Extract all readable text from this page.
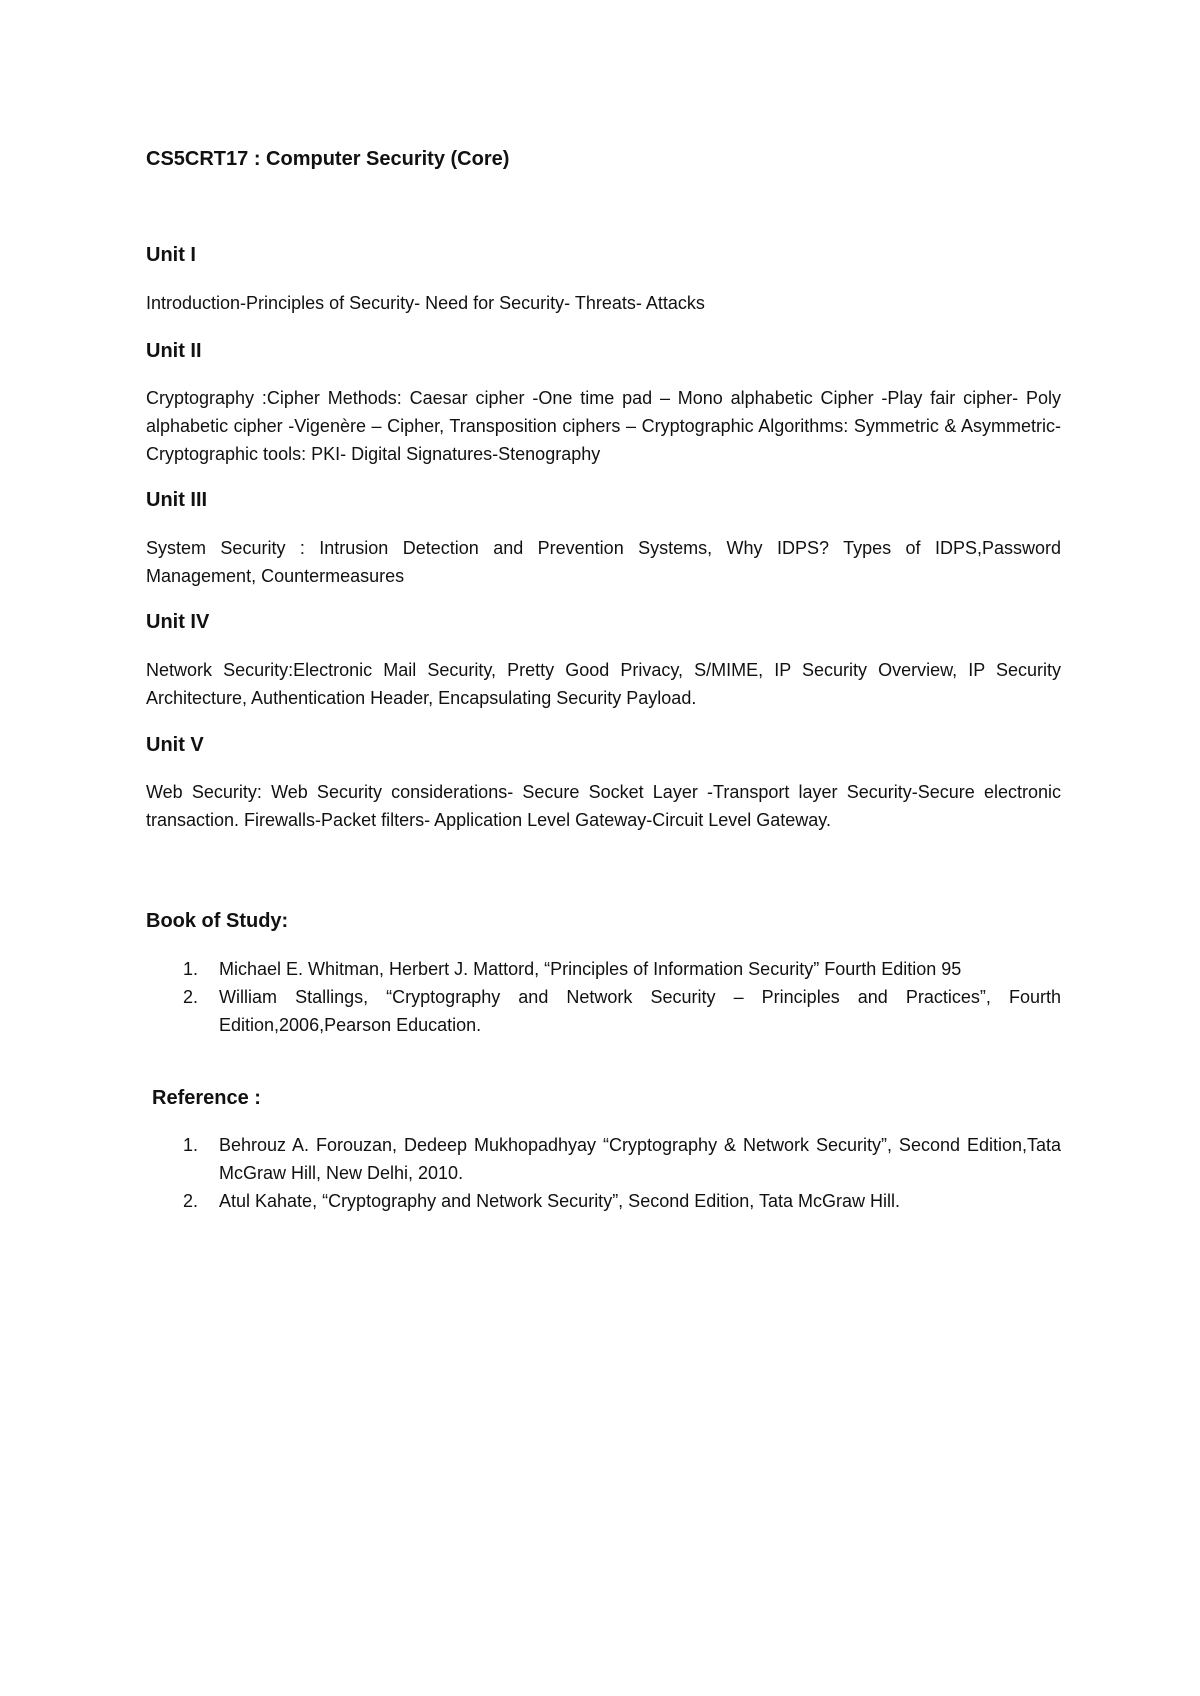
CS5CRT17 : Computer Security (Core)
Unit I

Introduction-Principles of Security- Need for Security- Threats- Attacks

Unit II

Cryptography :Cipher Methods: Caesar cipher -One time pad – Mono alphabetic Cipher -Play fair cipher- Poly alphabetic cipher -Vigenère – Cipher, Transposition ciphers – Cryptographic Algorithms: Symmetric & Asymmetric- Cryptographic tools: PKI- Digital Signatures-Stenography

Unit III

System Security : Intrusion Detection and Prevention Systems, Why IDPS? Types of IDPS,Password Management, Countermeasures

Unit IV

Network Security:Electronic Mail Security, Pretty Good Privacy, S/MIME, IP Security Overview, IP Security Architecture, Authentication Header, Encapsulating Security Payload.

Unit V

Web Security: Web Security considerations- Secure Socket Layer -Transport layer Security-Secure electronic transaction. Firewalls-Packet filters- Application Level Gateway-Circuit Level Gateway.

Book of Study:
1. Michael E. Whitman, Herbert J. Mattord, “Principles of Information Security” Fourth Edition 95
2. William Stallings, “Cryptography and Network Security – Principles and Practices”, Fourth Edition,2006,Pearson Education.
Reference :
1. Behrouz A. Forouzan, Dedeep Mukhopadhyay “Cryptography & Network Security”, Second Edition,Tata McGraw Hill, New Delhi, 2010.
2. Atul Kahate, “Cryptography and Network Security”, Second Edition, Tata McGraw Hill.
